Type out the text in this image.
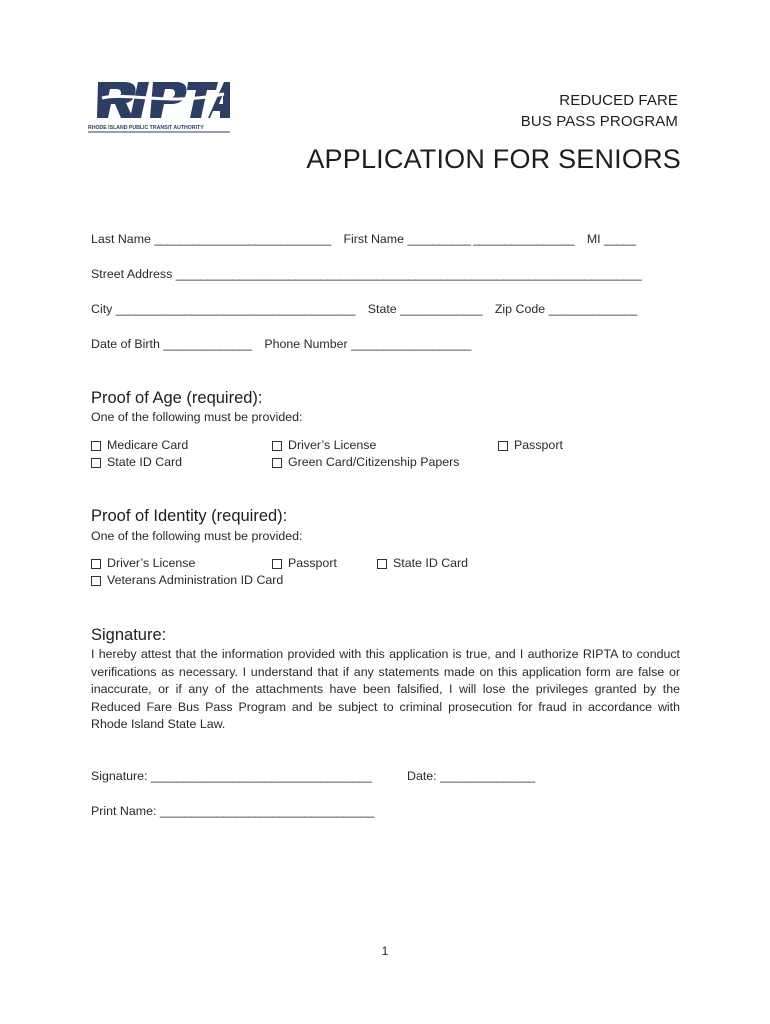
RHODE ISLAND PUBLIC TRANSIT AUTHORITY
REDUCED FARE
BUS PASS PROGRAM
APPLICATION FOR SENIORS
Last Name ____________________________ First Name __________ ________________ MI _____
Street Address __________________________________________________________________________
City ______________________________________ State _____________ Zip Code ______________
Date of Birth ______________ Phone Number ___________________
Proof of Age (required):
One of the following must be provided:
Medicare Card
State ID Card
Driver’s License
Green Card/Citizenship Papers
Passport
Proof of Identity (required):
One of the following must be provided:
Driver’s License	Passport	State ID Card
Veterans Administration ID Card
Signature:
I hereby attest that the information provided with this application is true, and I authorize RIPTA to conduct verifications as necessary. I understand that if any statements made on this application form are false or inaccurate, or if any of the attachments have been falsified, I will lose the privileges granted by the Reduced Fare Bus Pass Program and be subject to criminal prosecution for fraud in accordance with Rhode Island State Law.
Signature: ___________________________________	Date: _______________
Print Name: __________________________________
1
